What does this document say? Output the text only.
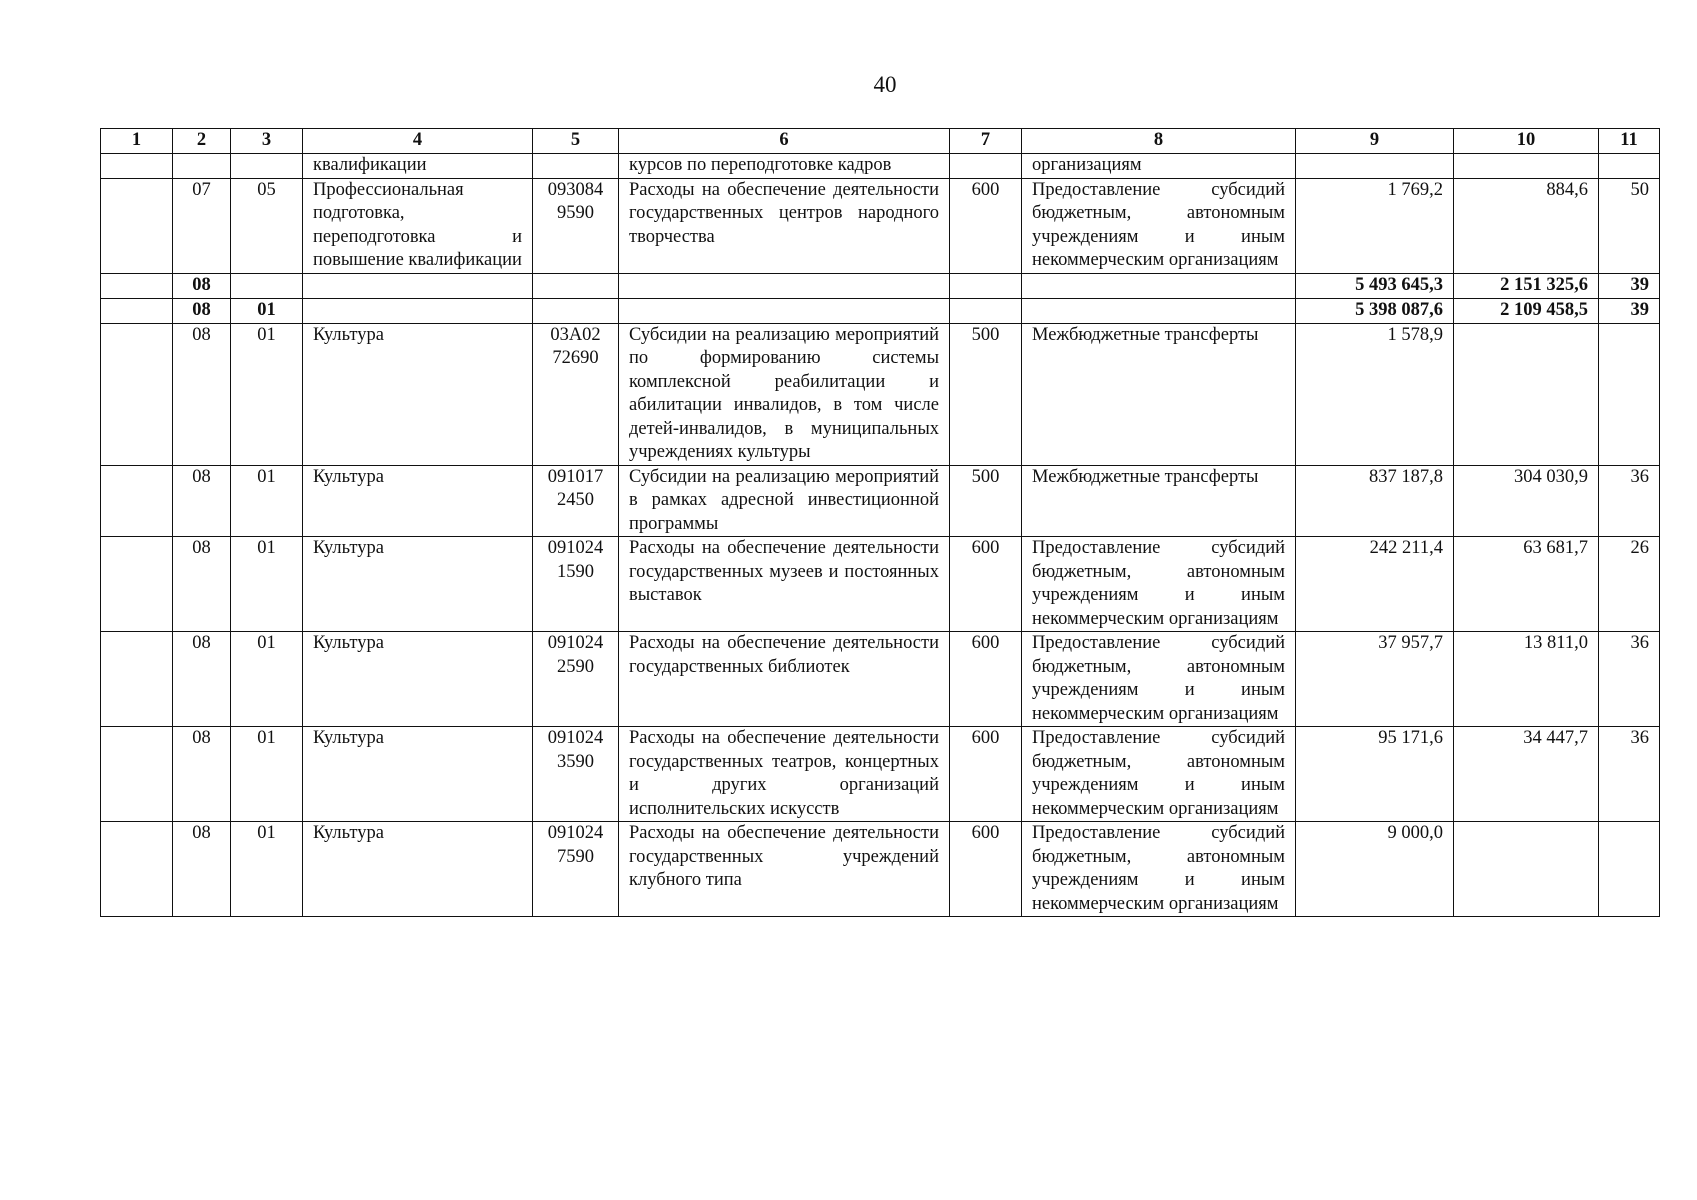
40
1	2	3	4	5	6	7	8	9	10	11
			квалификации		курсов по переподготовке кадров		организациям			
	07	05	Профессиональная подготовка, переподготовка и повышение квалификации	093084 9590	Расходы на обеспечение деятельности государственных центров народного творчества	600	Предоставление субсидий бюджетным, автономным учреждениям и иным некоммерческим организациям	1 769,2	884,6	50
	08							5 493 645,3	2 151 325,6	39
	08	01						5 398 087,6	2 109 458,5	39
	08	01	Культура	03А02 72690	Субсидии на реализацию мероприятий по формированию системы комплексной реабилитации и абилитации инвалидов, в том числе детей-инвалидов, в муниципальных учреждениях культуры	500	Межбюджетные трансферты	1 578,9		
	08	01	Культура	091017 2450	Субсидии на реализацию мероприятий в рамках адресной инвестиционной программы	500	Межбюджетные трансферты	837 187,8	304 030,9	36
	08	01	Культура	091024 1590	Расходы на обеспечение деятельности государственных музеев и постоянных выставок	600	Предоставление субсидий бюджетным, автономным учреждениям и иным некоммерческим организациям	242 211,4	63 681,7	26
	08	01	Культура	091024 2590	Расходы на обеспечение деятельности государственных библиотек	600	Предоставление субсидий бюджетным, автономным учреждениям и иным некоммерческим организациям	37 957,7	13 811,0	36
	08	01	Культура	091024 3590	Расходы на обеспечение деятельности государственных театров, концертных и других организаций исполнительских искусств	600	Предоставление субсидий бюджетным, автономным учреждениям и иным некоммерческим организациям	95 171,6	34 447,7	36
	08	01	Культура	091024 7590	Расходы на обеспечение деятельности государственных учреждений клубного типа	600	Предоставление субсидий бюджетным, автономным учреждениям и иным некоммерческим организациям	9 000,0		
